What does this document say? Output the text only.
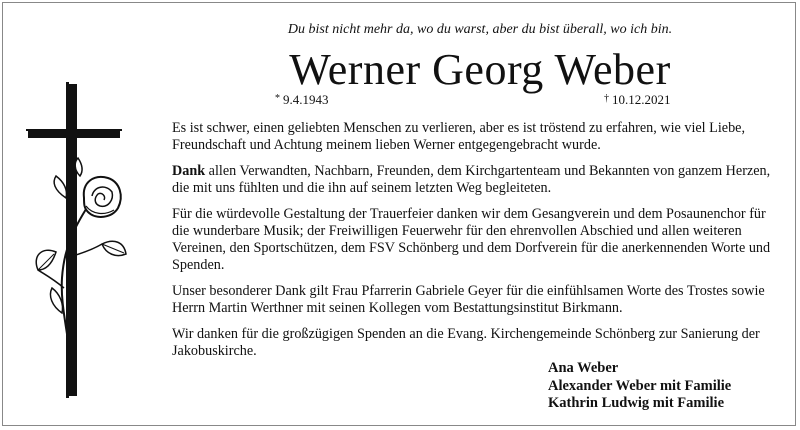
Du bist nicht mehr da, wo du warst, aber du bist überall, wo ich bin.
Werner Georg Weber
* 9.4.1943	† 10.12.2021

Es ist schwer, einen geliebten Menschen zu verlieren, aber es ist tröstend zu erfahren, wie viel Liebe, Freundschaft und Achtung meinem lieben Werner entgegengebracht wurde.

Dank allen Verwandten, Nachbarn, Freunden, dem Kirchgartenteam und Bekannten von ganzem Herzen, die mit uns fühlten und die ihn auf seinem letzten Weg begleiteten.

Für die würdevolle Gestaltung der Trauerfeier danken wir dem Gesangverein und dem Posaunenchor für die wunderbare Musik; der Freiwilligen Feuerwehr für den ehrenvollen Abschied und allen weiteren Vereinen, den Sportschützen, dem FSV Schönberg und dem Dorfverein für die anerkennenden Worte und Spenden.

Unser besonderer Dank gilt Frau Pfarrerin Gabriele Geyer für die einfühlsamen Worte des Trostes sowie Herrn Martin Werthner mit seinen Kollegen vom Bestattungsinstitut Birkmann.

Wir danken für die großzügigen Spenden an die Evang. Kirchengemeinde Schönberg zur Sanierung der Jakobuskirche.

Ana Weber
Alexander Weber mit Familie
Kathrin Ludwig mit Familie
